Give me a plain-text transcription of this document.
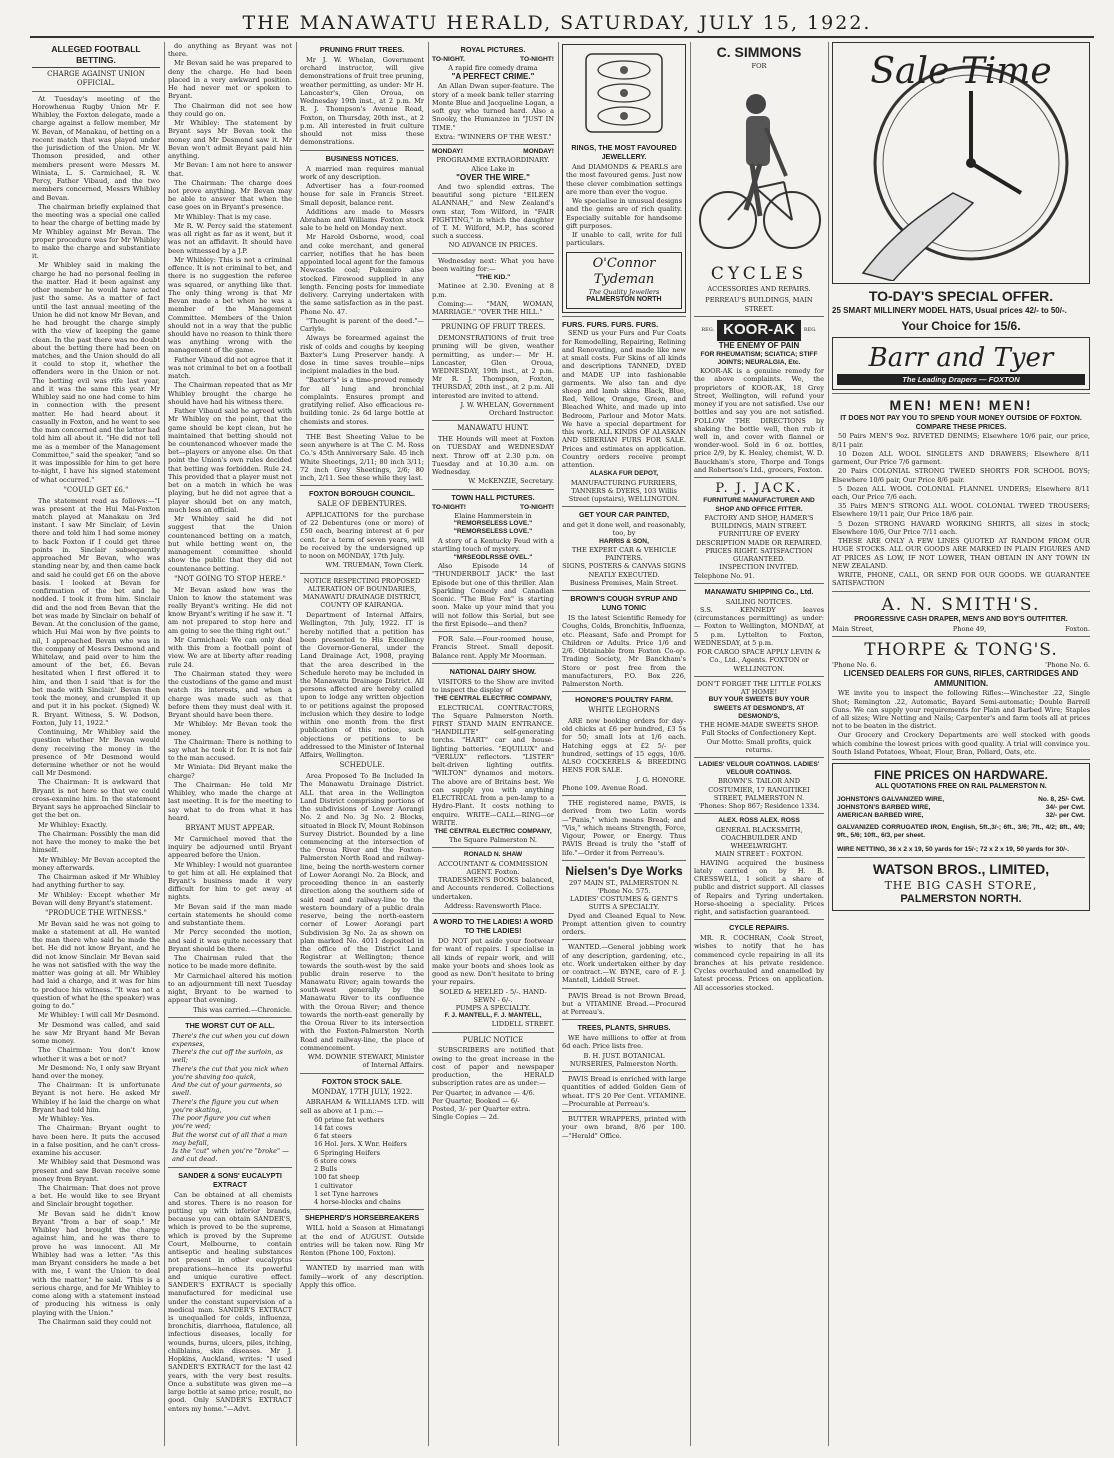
THE MANAWATU HERALD, SATURDAY, JULY 15, 1922.
ALLEGED FOOTBALL BETTING.
CHARGE AGAINST UNION OFFICIAL.

At Tuesday's meeting of the Horowhenua Rugby Union Mr F. Whibley, the Foxton delegate, made a charge against a fellow member, Mr W. Bevan, of Manakau, of betting on a recent match that was played under the jurisdiction of the Union. Mr W. Thomson presided, and other members present were Messrs M. Winiata, L. S. Carmichael, R. W. Percy, Father Vibaud, and the two members concerned, Messrs Whibley and Bevan.

The chairman briefly explained that the meeting was a special one called to hear the charge of betting made by Mr Whibley against Mr Bevan. The proper procedure was for Mr Whibley to make the charge and substantiate it.

Mr Whibley said in making the charge he had no personal feeling in the matter. Had it been against any other member he would have acted just the same. As a matter of fact until the last annual meeting of the Union he did not know Mr Bevan, and he had brought the charge simply with the view of keeping the game clean. In the past there was no doubt about the betting there had been on matches, and the Union should do all it could to stop it, whether the offenders were in the Union or not. The betting evil was rife last year, and it was the same this year. Mr Whibley said no one had come to him in connection with the present matter. He had heard about it casually in Foxton, and he went to see the man concerned and the latter had told him all about it. "He did not tell me as a member of the Management Committee," said the speaker, "and so it was impossible for him to get here to-night, I have his signed statement of what occurred."

"COULD GET £6."

The statement read as follows:—"I was present at the Hui Mai-Foxton match played at Manakau on 3rd instant. I saw Mr Sinclair, of Levin there and told him I had some money to back Foxton if I could get three points in. Sinclair subsequently approached Mr Bevan, who was standing near by, and then came back and said he could get £6 on the above basis. I looked at Bevan for confirmation of the bet and he nodded. I took it from him. Sinclair did and the nod from Bevan that the bet was made by Sinclair on behalf of Bevan. At the conclusion of the game, which Hui Mai won by five points to nil, I approached Bevan who was in the company of Messrs Desmond and Whitelaw, and paid over to him the amount of the bet, £6. Bevan hesitated when I first offered it to him, and then I said 'that is for the bet made with Sinclair.' Bevan then took the money, and crumpled it up and put it in his pocket. (Signed) W. R. Bryant. Witness, S. W. Dodson, Foxton, July 11, 1922."

Continuing, Mr Whibley said the question whether Mr Bevan would deny receiving the money in the presence of Mr Desmond would determine whether or not he would call Mr Desmond.

The Chairman: It is awkward that Bryant is not here so that we could cross-examine him. In the statement Bryant says he approached Sinclair to get the bet on.

Mr Whibley: Exactly.

The Chairman: Possibly the man did not have the money to make the bet himself.

Mr Whibley: Mr Bevan accepted the money afterwards.

The Chairman asked if Mr Whibley had anything further to say.

Mr Whibley: Except whether Mr Bevan will deny Bryant's statement.

"PRODUCE THE WITNESS."

Mr Bevan said he was not going to make a statement at all. He wanted the man there who said he made the bet. He did not know Bryant, and he did not know Sinclair. Mr Bevan said he was not satisfied with the way the matter was going at all. Mr Whibley had laid a charge, and it was for him to produce his witness. "It was not a question of what he (the speaker) was going to do."

Mr Whibley: I will call Mr Desmond.

Mr Desmond was called, and said he saw Mr Bryant hand Mr Bevan some money.

The Chairman: You don't know whether it was a bet or not?

Mr Desmond: No, I only saw Bryant hand over the money.

The Chairman: It is unfortunate Bryant is not here. He asked Mr Whibley if he laid the charge on what Bryant had told him.

Mr Whibley: Yes.

The Chairman: Bryant ought to have been here. It puts the accused in a false position, and he can't cross-examine his accuser.

Mr Whibley said that Desmond was present and saw Bevan receive some money from Bryant.

The Chairman: That does not prove a bet. He would like to see Bryant and Sinclair brought together.

Mr Bevan said he didn't know Bryant "from a bar of soap." Mr Whibley had brought the charge against him, and he was there to prove he was innocent. All Mr Whibley had was a letter. "As this man Bryant considers he made a bet with me, I want the Union to deal with the matter," he said. "This is a serious charge, and for Mr Whibley to come along with a statement instead of producing his witness is only playing with the Union."

The Chairman said they could not

do anything as Bryant was not there.

Mr Bevan said he was prepared to deny the charge. He had been placed in a very awkward position. He had never met or spoken to Bryant.

The Chairman did not see how they could go on.

Mr Whibley: The statement by Bryant says Mr Bevan took the money and Mr Desmond saw it. Mr Bevan won't admit Bryant paid him anything.

Mr Bevan: I am not here to answer that.

The Chairman: The charge does not prove anything. Mr Bevan may be able to answer that when the case goes on in Bryant's presence.

Mr Whibley: That is my case.

Mr R. W. Percy said the statement was all right as far as it went, but it was not an affidavit. It should have been witnessed by a J.P.

Mr Whibley: This is not a criminal offence. It is not criminal to bet, and there is no suggestion the referee was squared, or anything like that. The only thing wrong is that Mr Bevan made a bet when he was a member of the Management Committee. Members of the Union should not in a way that the public should have no reason to think there was anything wrong with the management of the game.

Father Vibaud did not agree that it was not criminal to bet on a football match.

The Chairman repeated that as Mr Whibley brought the charge he should have had his witness there.

Father Vibaud said he agreed with Mr Whibley on the point, that the game should be kept clean, but he maintained that betting should not be countenanced whoever made the bet—players or anyone else. On that point the Union's own rules decided that betting was forbidden. Rule 24. This provided that a player must not bet on a match in which he was playing, but he did not agree that a player should bet on any match, much less an official.

Mr Whibley said he did not suggest that the Union countenanced betting on a match, but while betting went on, the management committee should show the public that they did not countenance betting.

"NOT GOING TO STOP HERE."

Mr Bevan asked how was the Union to know the statement was really Bryant's writing. He did not know Bryant's writing if he saw it. "I am not prepared to stop here and am going to see the thing right out."

Mr Carmichael: We can only deal with this from a football point of view. We are at liberty after reading rule 24.

The Chairman stated they were the custodians of the game and must watch its interests, and when a charge was made such as that before them they must deal with it. Bryant should have been there.

Mr Whibley: Mr Bevan took the money.

The Chairman: There is nothing to say what he took it for. It is not fair to the man accused.

Mr Winiata: Did Bryant make the charge?

The Chairman: He told Mr Whibley, who made the charge at last meeting. It is for the meeting to say what to do from what it has heard.

BRYANT MUST APPEAR.

Mr Carmichael moved that the inquiry be adjourned until Bryant appeared before the Union.

Mr Whibley: I would not guarantee to get him at all. He explained that Bryant's business made it very difficult for him to get away at nights.

Mr Bevan said if the man made certain statements he should come and substantiate them.

Mr Percy seconded the motion, and said it was quite necessary that Bryant should be there.

The Chairman ruled that the notice to be made more definite.

Mr Carmichael altered his motion to an adjournment till next Tuesday night, Bryant to be warned to appear that evening.

This was carried.—Chronicle.

THE WORST CUT OF ALL.
There's the cut when you cut down expenses,
There's the cut off the surloin, as well;
There's the cut that you nick when you're shaving too quick,
And the cut of your garments, so swell.
There's the figure you cut when you're skating,
The poor figure you cut when you're wed;
But the worst cut of all that a man may befall,
Is the "cut" when you're "broke" —and cut dead.
SANDER & SONS' EUCALYPTI EXTRACT

Can be obtained at all chemists and stores. There is no reason for putting up with inferior brands, because you can obtain SANDER'S, which is proved to be the supreme, which is proved by the Supreme Court, Melbourne, to contain antiseptic and healing substances not present in other eucalyptus preparations—hence its powerful and unique curative effect. SANDER'S EXTRACT is specially manufactured for medicinal use under the constant supervision of a medical man. SANDER'S EXTRACT is unequalled for colds, influenza, bronchitis, diarrhoea, flatulence, all infectious diseases, locally for wounds, burns, ulcers, piles, itching, chilblains, skin diseases. Mr J. Hopkins, Auckland, writes: "I used SANDER'S EXTRACT for the last 42 years, with the very best results. Once a substitute was given me—a large bottle at same price; result, no good. Only SANDER'S EXTRACT enters my home."—Advt.

PRUNING FRUIT TREES.

Mr J. W. Whelan, Government orchard instructor, will give demonstrations of fruit tree pruning, weather permitting, as under: Mr H. Lancaster's, Glen Oroua, on Wednesday 19th inst., at 2 p.m. Mr R. J. Thompson's Avenue Road, Foxton, on Thursday, 20th inst., at 2 p.m. All interested in fruit culture should not miss these demonstrations.

BUSINESS NOTICES.

A married man requires manual work of any description.

Advertiser has a four-roomed house for sale in Francis Street. Small deposit, balance rent.

Additions are made to Messrs Abraham and Williams Foxton stock sale to be held on Monday next.

Mr Harold Osborne, wood, coal and coke merchant, and general carrier, notifies that he has been appointed local agent for the famous Newcastle coal; Pukemiro also stocked. Firewood supplied in any length. Fencing posts for immediate delivery. Carrying undertaken with the same satisfaction as in the past. Phone No. 47.

"Thought is parent of the deed."—Carlyle.

Always be forearmed against the risk of colds and coughs by keeping Baxter's Lung Preserver handy. A dose in time saves trouble—nips incipient maladies in the bud.

"Baxter's" is a time-proved remedy for all lung and bronchial complaints. Ensures prompt and gratifying relief. Also efficacious re-building tonic. 2s 6d large bottle at chemists and stores.

THE Best Sheeting Value to be seen anywhere is at The C. M. Ross Co.'s 45th Anniversary Sale. 45 inch White Sheetings, 2/11; 80 inch 3/11; 72 inch Grey Sheetings, 2/6; 80 inch, 2/11. See these while they last.

FOXTON BOROUGH COUNCIL.
SALE OF DEBENTURES.

APPLICATIONS for the purchase of 22 Debentures (one or more) of £50 each, bearing interest at 6 per cent. for a term of seven years, will be received by the undersigned up to noon on MONDAY, 17th July.

WM. TRUEMAN, Town Clerk.

NOTICE RESPECTING PROPOSED ALTERATION OF BOUNDARIES, MANAWATU DRAINAGE DISTRICT, COUNTY OF KAIRANGA.

Department of Internal Affairs, Wellington, 7th July, 1922. IT is hereby notified that a petition has been presented to His Excellency the Governor-General, under the Land Drainage Act, 1908, praying that the area described in the Schedule hereto may be included in the Manawatu Drainage District. All persons affected are hereby called upon to lodge any written objection to or petitions against the proposed inclusion which they desire to lodge within one month from the first publication of this notice, such objections or petitions to be addressed to the Minister of Internal Affairs, Wellington.

SCHEDULE.

Area Proposed To Be Included In The Manawatu Drainage District. ALL that area in the Wellington Land District comprising portions of the subdivisions of Lower Aorangi No. 2 and No. 3g No. 2 Blocks, situated in Block IV, Mount Robinson Survey District. Bounded by a line commencing at the intersection of the Oroua River and the Foxton-Palmerston North Road and railway-line, being the north-western corner of Lower Aorangi No. 2a Block, and proceeding thence in an easterly direction along the southern side of said road and railway-line to the western boundary of a public drain reserve, being the north-eastern corner of Lower Aorangi part Subdivision 3g No. 2a as shown on plan marked No. 4011 deposited in the office of the District Land Registrar at Wellington; thence towards the south-west by the said public drain reserve to the Manawatu River; again towards the south-west generally by the Manawatu River to its confluence with the Oroua River; and thence towards the north-east generally by the Oroua River to its intersection with the Foxton-Palmerston North Road and railway-line, the place of commencement.

WM. DOWNIE STEWART, Minister of Internal Affairs.

FOXTON STOCK SALE.
MONDAY, 17TH JULY, 1922.

ABRAHAM & WILLIAMS LTD. will sell as above at 1 p.m.:—

60 prime fat wethers
14 fat cows
6 fat steers
16 Hol. Jers. X Wnr. Heifers
6 Springing Heifers
6 store cows
2 Bulls
100 fat sheep
1 cultivator
1 set Tyne harrows
4 horse-blocks and chains
SHEPHERD'S HORSEBREAKERS

WILL hold a Season at Himatangi at the end of AUGUST. Outside entries will be taken now. Ring Mr Renton (Phone 100, Foxton).

WANTED by married man with family—work of any description. Apply this office.

ROYAL PICTURES.
TO-NIGHT.	TO-NIGHT!
A rapid fire comedy drama
"A PERFECT CRIME."

An Allan Dwan super-feature. The story of a meek bank teller starring Monte Blue and Jacqueline Logan, a soft guy who turned hard. Also a Snooky, the Humanzee in "JUST IN TIME."

Extra: "WINNERS OF THE WEST."
MONDAY!	MONDAY!
PROGRAMME EXTRAORDINARY.
Alice Lake in
"OVER THE WIRE."

And two splendid extras. The beautiful song picture "EILEEN ALANNAH," and New Zealand's own star, Tom Wilford, in "FAIR FIGHTING," in which the daughter of T. M. Wilford, M.P., has scored such a success.

NO ADVANCE IN PRICES.

Wednesday next: What you have been waiting for:—

"THE KID."

Matinee at 2.30. Evening at 8 p.m.

Coming:— "MAN, WOMAN, MARRIAGE." "OVER THE HILL."

PRUNING OF FRUIT TREES.

DEMONSTRATIONS of fruit tree pruning will be given, weather permitting, as under:— Mr H. Lancaster, Glen Oroua, WEDNESDAY, 19th inst., at 2 p.m. Mr R. J. Thompson, Foxton, THURSDAY, 20th inst., at 2 p.m. All interested are invited to attend.

J. W. WHELAN, Government Orchard Instructor.

MANAWATU HUNT.

THE Hounds will meet at Foxton on TUESDAY and WEDNESDAY next. Throw off at 2.30 p.m. on Tuesday and at 10.30 a.m. on Wednesday.

W. McKENZIE, Secretary.

TOWN HALL PICTURES.
TO-NIGHT!	TO-NIGHT!
Elaine Hammerstein in
"REMORSELESS LOVE."
"REMORSELESS LOVE."

A story of a Kentucky Feud with a startling touch of mystery.

"MRSEODLRSSE OVEL."

Also Episode 14 of "THUNDERBOLT JACK" the last Episode but one of this thriller. Alan Sparkling Comedy and Canadian Scenic. "The Blue Fox" is starting soon. Make up your mind that you will not follow this Serial, but see the first Episode—and then?

FOR Sale.—Four-roomed house, Francis Street. Small deposit. Balance rent. Apply Mr Moorman.

NATIONAL DAIRY SHOW.

VISITORS to the Show are invited to inspect the display of

THE CENTRAL ELECTRIC COMPANY,

ELECTRICAL CONTRACTORS, The Square Palmerston North. FIRST STAND MAIN ENTRANCE. "HANDILITE" self-generating torchs. "HART" car and house-lighting batteries. "EQUILUX" and "VERLUX" reflectors. "LISTER" belt-driven lighting outfits. "WILTON" dynamos and motors. The above are of Britains best. We can supply you with anything ELECTRICAL from a pen-lamp to a Hydro-Plant. It costs nothing to enquire. WRITE—CALL—RING—or WRITE.

THE CENTRAL ELECTRIC COMPANY,
The Square Palmerston N.
RONALD N. SHAW
ACCOUNTANT & COMMISSION AGENT. Foxton.

TRADESMEN'S BOOKS balanced, and Accounts rendered. Collections undertaken.

Address: Ravensworth Place.
A WORD TO THE LADIES! A WORD TO THE LADIES!

DO NOT put aside your footwear for want of repairs. I specialise in all kinds of repair work, and will make your boots and shoes look as good as new. Don't hesitate to bring your repairs.

SOLED & HEELED - 5/-. HAND-SEWN - 6/-.
PUMPS A SPECIALTY.
F. J. MANTELL, F. J. MANTELL,
LIDDELL STREET.
PUBLIC NOTICE

SUBSCRIBERS are notified that owing to the great increase in the cost of paper and newspaper production, the HERALD subscription rates are as under:—

Per Quarter, in advance — 4/6.
Per Quarter, Booked — 6/-
Posted, 3/- per Quarter extra.
Single Copies — 2d.
RINGS, THE MOST FAVOURED JEWELLERY.

And DIAMONDS & PEARLS are the most favoured gems. Just now these clever combination settings are more than ever the vogue.

We specialise in unusual designs and the gems are of rich quality. Especially suitable for handsome gift purposes.

If unable to call, write for full particulars.

O'Connor Tydeman
The Quality Jewellers
PALMERSTON NORTH
FURS. FURS. FURS. FURS.

SEND us your Furs and Fur Coats for Remodelling, Repairing, Relining and Renovating, and made like new at small costs. Fur Skins of all kinds and descriptions TANNED, DYED and MADE UP into fashionable garments. We also tan and dye sheep and lamb skins Black, Blue, Red, Yellow, Orange, Green, and Bleached White, and made up into Bedroom, Parlour and Motor Mats. We have a special department for this work. ALL KINDS OF ALASKAN AND SIBERIAN FURS FOR SALE. Prices and estimates on application. Country orders receive prompt attention.

ALASKA FUR DEPOT,
MANUFACTURING FURRIERS, TANNERS & DYERS, 103 Willis Street (upstairs), WELLINGTON.
GET YOUR CAR PAINTED,
and get it done well, and reasonably, too, by
HARRIS & SON,
THE EXPERT CAR & VEHICLE PAINTERS.
SIGNS, POSTERS & CANVAS SIGNS NEATLY EXECUTED.
Business Premises, Main Street.
BROWN'S COUGH SYRUP AND LUNG TONIC

IS the latest Scientific Remedy for Coughs, Colds, Bronchitis, Influenza, etc. Pleasant, Safe and Prompt for Children or Adults. Price 1/6 and 2/6. Obtainable from Foxton Co-op. Trading Society, Mr Banckham's Store or post free from the manufacturers, P.O. Box 226, Palmerston North.

HONORE'S POULTRY FARM.
WHITE LEGHORNS

ARE now booking orders for day-old chicks at £6 per hundred, £3 5s for 50; small lots at 1/6 each. Hatching eggs at £2 5/- per hundred, settings of 15 eggs, 10/6. ALSO COCKERELS & BREEDING HENS FOR SALE.

J. G. HONORE.
Phone 109. Avenue Road.

THE registered name, PAVIS, is derived from two Latin words—"Panis," which means Bread; and "Vis," which means Strength, Force, Vigour, Power, or Energy. Thus PAVIS Bread is truly the "staff of life."—Order it from Perreau's.

Nielsen's Dye Works
297 MAIN ST., PALMERSTON N. 'Phone No. 575.
LADIES' COSTUMES & GENT'S SUITS A SPECIALTY.

Dyed and Cleaned Equal to New. Prompt attention given to country orders.

WANTED.—General jobbing work of any description, gardening, etc., etc. Work undertaken either by day or contract.—W. BYNE, care of F. J. Mantell, Liddell Street.

PAVIS Bread is not Brown Bread, but a VITAMINE Bread.—Procured at Perreau's.

TREES, PLANTS, SHRUBS.

WE have millions to offer at from 6d each. Price lists free.

B. H. JUST. BOTANICAL NURSERIES, Palmerston North.

PAVIS Bread is enriched with large quantities of added Golden Gem of wheat. IT'S 20 Per Cent. VITAMINE.—Procurable at Perreau's.

BUTTER WRAPPERS, printed with your own brand, 8/6 per 100. —"Herald" Office.

C. SIMMONS
FOR
CYCLES
ACCESSORIES AND REPAIRS.
PERREAU'S BUILDINGS, MAIN STREET.
REG. KOOR-AK	REG.
THE ENEMY OF PAIN
FOR RHEUMATISM; SCIATICA; STIFF JOINTS; NEURALGIA, Etc.

KOOR-AK is a genuine remedy for the above complaints. We, the proprietors of KOOR-AK, 18 Grey Street, Wellington, will refund your money if you are not satisfied. Use our bottles and say you are not satisfied. FOLLOW THE DIRECTIONS by shaking the bottle well, then rub it well in, and cover with flannel or wonder-wool. Sold in 6 oz. bottles, price 2/9, by K. Healey, chemist, W. D. Bauckham's store, Thorpe and Tongs and Robertson's Ltd., grocers, Foxton.

P. J. JACK.
FURNITURE MANUFACTURER AND SHOP AND OFFICE FITTER.
FACTORY AND SHOP, HAMER'S BUILDINGS, MAIN STREET.
FURNITURE OF EVERY DESCRIPTION MADE OR REPAIRED.
PRICES RIGHT. SATISFACTION GUARANTEED.
INSPECTION INVITED.
Telephone No. 91.
MANAWATU SHIPPING Co., Ltd.
SAILING NOTICES.

S.S. KENNEDY leaves (circumstances permitting) as under:— Foxton to Wellington, MONDAY, at 5 p.m. Lyttelton to Foxton, WEDNESDAY, at 5 p.m.

FOR CARGO SPACE APPLY LEVIN & Co., Ltd., Agents. FOXTON or WELLINGTON.
DON'T FORGET THE LITTLE FOLKS AT HOME!
BUY YOUR SWEETS BUY YOUR SWEETS AT DESMOND'S, AT DESMOND'S,
THE HOME-MADE SWEETS SHOP.
Full Stocks of Confectionery Kept.
Our Motto: Small profits, quick returns.
LADIES' VELOUR COATINGS. LADIES' VELOUR COATINGS.
BROWN'S. TAILOR AND COSTUMIER, 17 RANGITIKEI STREET, PALMERSTON N.
'Phones: Shop 867; Residence 1334.
ALEX. ROSS ALEX. ROSS
GENERAL BLACKSMITH, COACHBUILDER AND WHEELWRIGHT.
MAIN STREET : FOXTON.

HAVING acquired the business lately carried on by H. B. CRESSWELL, I solicit a share of public and district support. All classes of Repairs and Tyring undertaken. Horse-shoeing a speciality. Prices right, and satisfaction guaranteed.

CYCLE REPAIRS.

MR. R. COCHRAN, Cook Street, wishes to notify that he has commenced cycle repairing in all its branches at his private residence. Cycles overhauled and enamelled by latest process. Prices on application. All accessories stocked.

Sale Time
TO-DAY'S SPECIAL OFFER.
25 SMART MILLINERY MODEL HATS, Usual prices 42/- to 50/-.
Your Choice for 15/6.
Barr and Tyer
The Leading Drapers — FOXTON
MEN! MEN! MEN!
IT DOES NOT PAY YOU TO SPEND YOUR MONEY OUTSIDE OF FOXTON. COMPARE THESE PRICES.

50 Pairs MEN'S 9oz. RIVETED DENIMS; Elsewhere 10/6 pair, our price, 8/11 pair.

10 Dozen ALL WOOL SINGLETS AND DRAWERS; Elsewhere 8/11 garment, Our Price 7/6 garment.

20 Pairs COLONIAL STRONG TWEED SHORTS FOR SCHOOL BOYS; Elsewhere 10/6 pair, Our Price 8/6 pair.

5 Dozen ALL WOOL COLONIAL FLANNEL UNDERS; Elsewhere 8/11 each, Our Price 7/6 each.

35 Pairs MEN'S STRONG ALL WOOL COLONIAL TWEED TROUSERS; Elsewhere 19/11 pair, Our Price 18/6 pair.

5 Dozen STRONG HAVARD WORKING SHIRTS, all sizes in stock; Elsewhere 10/6, Our Price 7/11 each.

THESE ARE ONLY A FEW LINES QUOTED AT RANDOM FROM OUR HUGE STOCKS. ALL OUR GOODS ARE MARKED IN PLAIN FIGURES AND AT PRICES AS LOW, IF NOT LOWER, THAN OBTAIN IN ANY TOWN IN NEW ZEALAND.

WRITE, PHONE, CALL, OR SEND FOR OUR GOODS. WE GUARANTEE SATISFACTION

A. N. SMITH'S.
PROGRESSIVE CASH DRAPER, MEN'S AND BOY'S OUTFITTER.
Main Street,	Phone 49,	Foxton.
THORPE & TONG'S.
'Phone No. 6.	'Phone No. 6.
LICENSED DEALERS FOR GUNS, RIFLES, CARTRIDGES AND AMMUNITION.

WE invite you to inspect the following Rifles:—Winchester .22, Single Shot; Remington .22, Automatic, Bayard Semi-automatic; Double Barrell Guns. We can supply your requirements for Plain and Barbed Wire; Staples of all sizes; Wire Netting and Nails; Carpenter's and farm tools all at prices not to be beaten in the district.

Our Grocery and Crockery Departments are well stocked with goods which combine the lowest prices with good quality. A trial will convince you. South Island Potatoes, Wheat, Flour, Bran, Pollard, Oats, etc.

FINE PRICES ON HARDWARE.
ALL QUOTATIONS FREE ON RAIL PALMERSTON N.
JOHNSTON'S GALVANIZED WIRE,	No. 8, 25/- Cwt.
JOHNSTON'S BARBED WIRE,	34/- per Cwt.
AMERICAN BARBED WIRE,	32/- per Cwt.
GALVANIZED CORRUGATED IRON, English, 5ft.,3/-; 6ft., 3/6; 7ft., 4/2; 8ft., 4/9; 9ft., 5/6; 10ft., 6/3, per sheet.
WIRE NETTING, 36 x 2 x 19, 50 yards for 15/-; 72 x 2 x 19, 50 yards for 30/-.
WATSON BROS., LIMITED,
THE BIG CASH STORE,
PALMERSTON NORTH.
